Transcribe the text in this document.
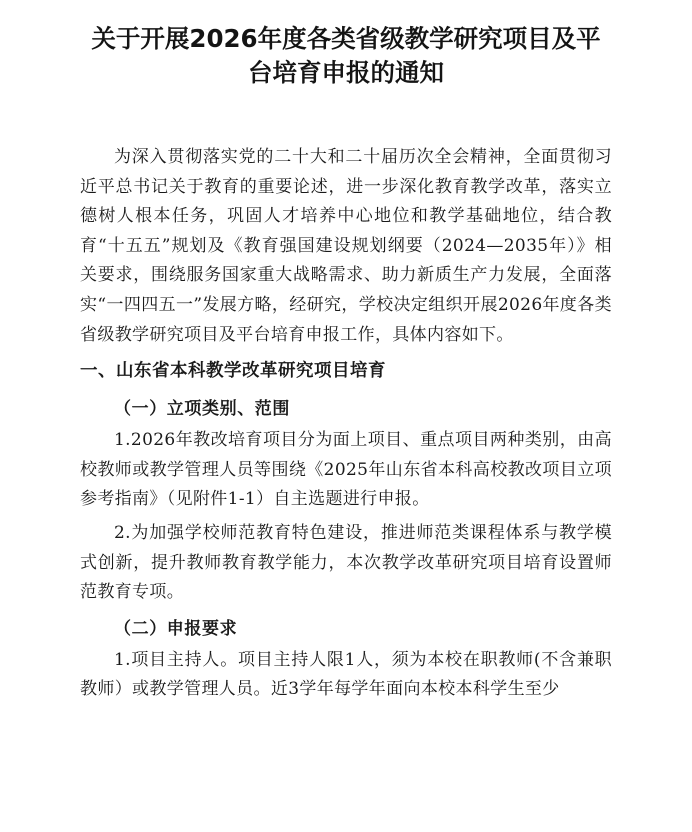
关于开展2026年度各类省级教学研究项目及平
台培育申报的通知

为深入贯彻落实党的二十大和二十届历次全会精神，全面贯彻习近平总书记关于教育的重要论述，进一步深化教育教学改革，落实立德树人根本任务，巩固人才培养中心地位和教学基础地位，结合教育“十五五”规划及《教育强国建设规划纲要（2024—2035年）》相关要求，围绕服务国家重大战略需求、助力新质生产力发展，全面落实“一四四五一”发展方略，经研究，学校决定组织开展2026年度各类省级教学研究项目及平台培育申报工作，具体内容如下。

一、山东省本科教学改革研究项目培育
（一）立项类别、范围

1.2026年教改培育项目分为面上项目、重点项目两种类别，由高校教师或教学管理人员等围绕《2025年山东省本科高校教改项目立项参考指南》（见附件1-1）自主选题进行申报。

2.为加强学校师范教育特色建设，推进师范类课程体系与教学模式创新，提升教师教育教学能力，本次教学改革研究项目培育设置师范教育专项。

（二）申报要求

1.项目主持人。项目主持人限1人，须为本校在职教师(不含兼职教师）或教学管理人员。近3学年每学年面向本校本科学生至少
